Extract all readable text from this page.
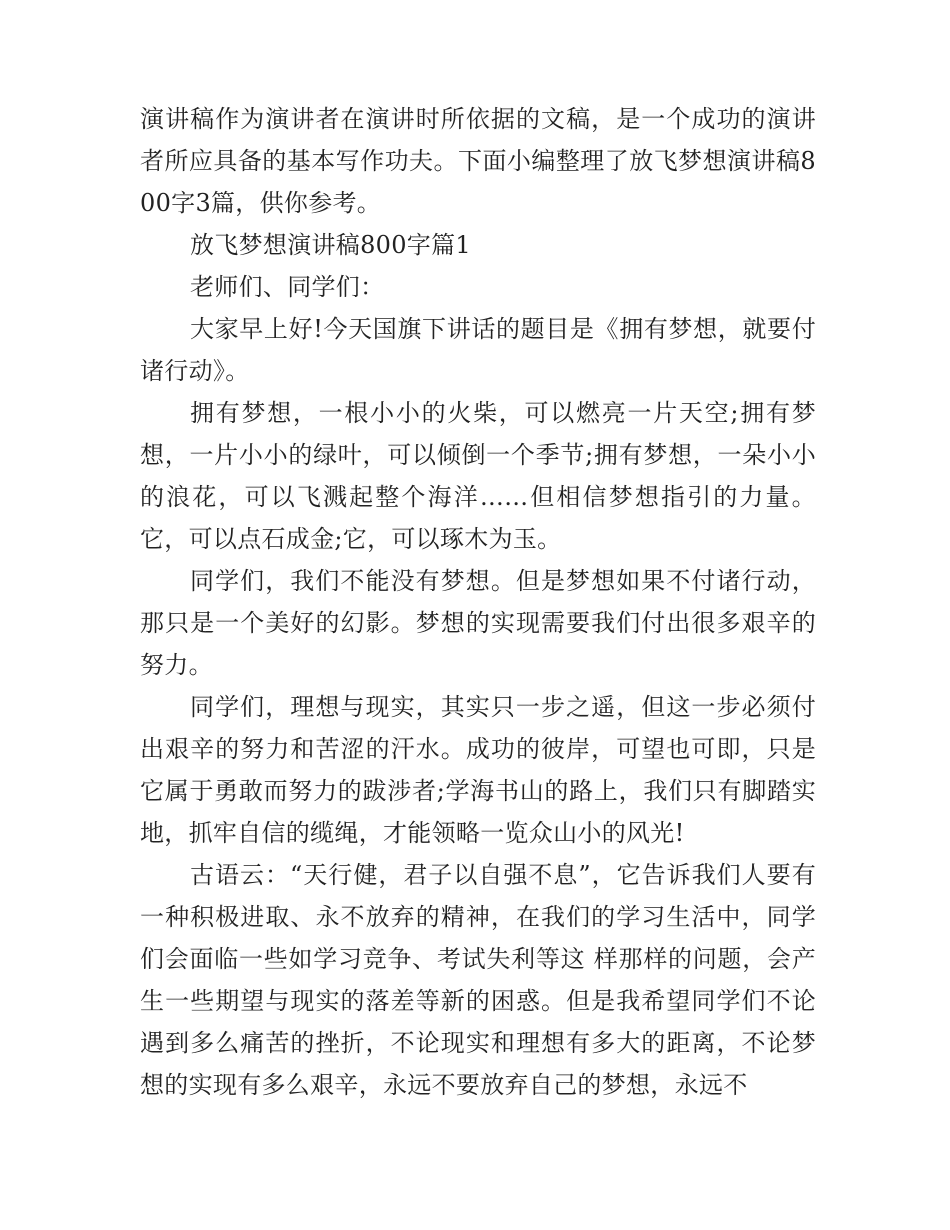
演讲稿作为演讲者在演讲时所依据的文稿，是一个成功的演讲者所应具备的基本写作功夫。下面小编整理了放飞梦想演讲稿800字3篇，供你参考。

放飞梦想演讲稿800字篇1

老师们、同学们：

大家早上好!今天国旗下讲话的题目是《拥有梦想，就要付诸行动》。

拥有梦想，一根小小的火柴，可以燃亮一片天空;拥有梦想，一片小小的绿叶，可以倾倒一个季节;拥有梦想，一朵小小的浪花，可以飞溅起整个海洋……但相信梦想指引的力量。它，可以点石成金;它，可以琢木为玉。

同学们，我们不能没有梦想。但是梦想如果不付诸行动，那只是一个美好的幻影。梦想的实现需要我们付出很多艰辛的努力。

同学们，理想与现实，其实只一步之遥，但这一步必须付出艰辛的努力和苦涩的汗水。成功的彼岸，可望也可即，只是它属于勇敢而努力的跋涉者;学海书山的路上，我们只有脚踏实地，抓牢自信的缆绳，才能领略一览众山小的风光!

古语云：“天行健，君子以自强不息”，它告诉我们人要有一种积极进取、永不放弃的精神，在我们的学习生活中，同学们会面临一些如学习竞争、考试失利等这 样那样的问题，会产生一些期望与现实的落差等新的困惑。但是我希望同学们不论遇到多么痛苦的挫折，不论现实和理想有多大的距离，不论梦想的实现有多么艰辛，永远不要放弃自己的梦想，永远不
